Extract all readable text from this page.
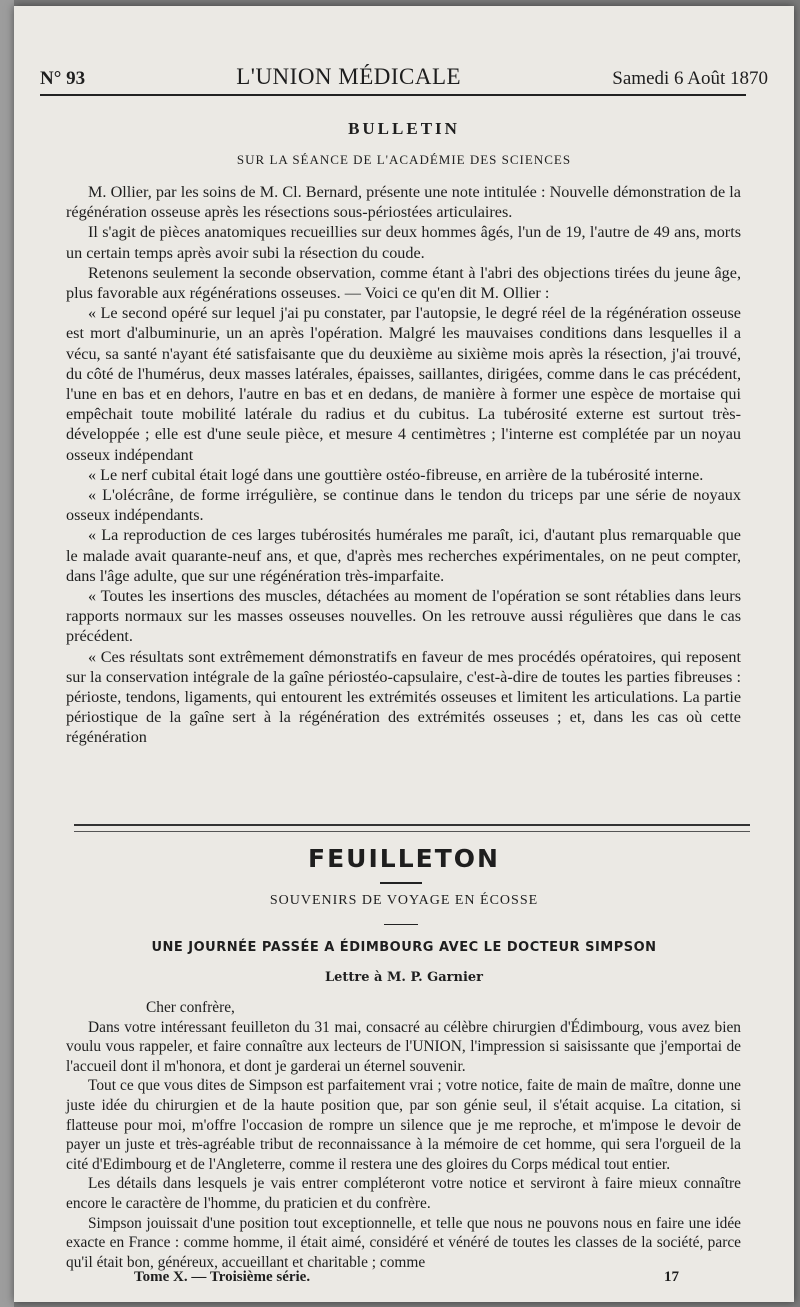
N° 93	L'UNION MÉDICALE	Samedi 6 Août 1870
BULLETIN
SUR LA SÉANCE DE L'ACADÉMIE DES SCIENCES

M. Ollier, par les soins de M. Cl. Bernard, présente une note intitulée : Nouvelle démonstration de la régénération osseuse après les résections sous-périostées articulaires.

Il s'agit de pièces anatomiques recueillies sur deux hommes âgés, l'un de 19, l'autre de 49 ans, morts un certain temps après avoir subi la résection du coude.

Retenons seulement la seconde observation, comme étant à l'abri des objections tirées du jeune âge, plus favorable aux régénérations osseuses. — Voici ce qu'en dit M. Ollier :

« Le second opéré sur lequel j'ai pu constater, par l'autopsie, le degré réel de la régénération osseuse est mort d'albuminurie, un an après l'opération. Malgré les mauvaises conditions dans lesquelles il a vécu, sa santé n'ayant été satisfaisante que du deuxième au sixième mois après la résection, j'ai trouvé, du côté de l'humérus, deux masses latérales, épaisses, saillantes, dirigées, comme dans le cas précédent, l'une en bas et en dehors, l'autre en bas et en dedans, de manière à former une espèce de mortaise qui empêchait toute mobilité latérale du radius et du cubitus. La tubérosité externe est surtout très-développée ; elle est d'une seule pièce, et mesure 4 centimètres ; l'interne est complétée par un noyau osseux indépendant

« Le nerf cubital était logé dans une gouttière ostéo-fibreuse, en arrière de la tubérosité interne.

« L'olécrâne, de forme irrégulière, se continue dans le tendon du triceps par une série de noyaux osseux indépendants.

« La reproduction de ces larges tubérosités humérales me paraît, ici, d'autant plus remarquable que le malade avait quarante-neuf ans, et que, d'après mes recherches expérimentales, on ne peut compter, dans l'âge adulte, que sur une régénération très-imparfaite.

« Toutes les insertions des muscles, détachées au moment de l'opération se sont rétablies dans leurs rapports normaux sur les masses osseuses nouvelles. On les retrouve aussi régulières que dans le cas précédent.

« Ces résultats sont extrêmement démonstratifs en faveur de mes procédés opératoires, qui reposent sur la conservation intégrale de la gaîne périostéo-capsulaire, c'est-à-dire de toutes les parties fibreuses : périoste, tendons, ligaments, qui entourent les extrémités osseuses et limitent les articulations. La partie périostique de la gaîne sert à la régénération des extrémités osseuses ; et, dans les cas où cette régénération

FEUILLETON
SOUVENIRS DE VOYAGE EN ÉCOSSE
UNE JOURNÉE PASSÉE A ÉDIMBOURG AVEC LE DOCTEUR SIMPSON
Lettre à M. P. Garnier

Cher confrère,

Dans votre intéressant feuilleton du 31 mai, consacré au célèbre chirurgien d'Édimbourg, vous avez bien voulu vous rappeler, et faire connaître aux lecteurs de l'UNION, l'impression si saisissante que j'emportai de l'accueil dont il m'honora, et dont je garderai un éternel souvenir.

Tout ce que vous dites de Simpson est parfaitement vrai ; votre notice, faite de main de maître, donne une juste idée du chirurgien et de la haute position que, par son génie seul, il s'était acquise. La citation, si flatteuse pour moi, m'offre l'occasion de rompre un silence que je me reproche, et m'impose le devoir de payer un juste et très-agréable tribut de reconnaissance à la mémoire de cet homme, qui sera l'orgueil de la cité d'Edimbourg et de l'Angleterre, comme il restera une des gloires du Corps médical tout entier.

Les détails dans lesquels je vais entrer compléteront votre notice et serviront à faire mieux connaître encore le caractère de l'homme, du praticien et du confrère.

Simpson jouissait d'une position tout exceptionnelle, et telle que nous ne pouvons nous en faire une idée exacte en France : comme homme, il était aimé, considéré et vénéré de toutes les classes de la société, parce qu'il était bon, généreux, accueillant et charitable ; comme

Tome X. — Troisième série.	17
